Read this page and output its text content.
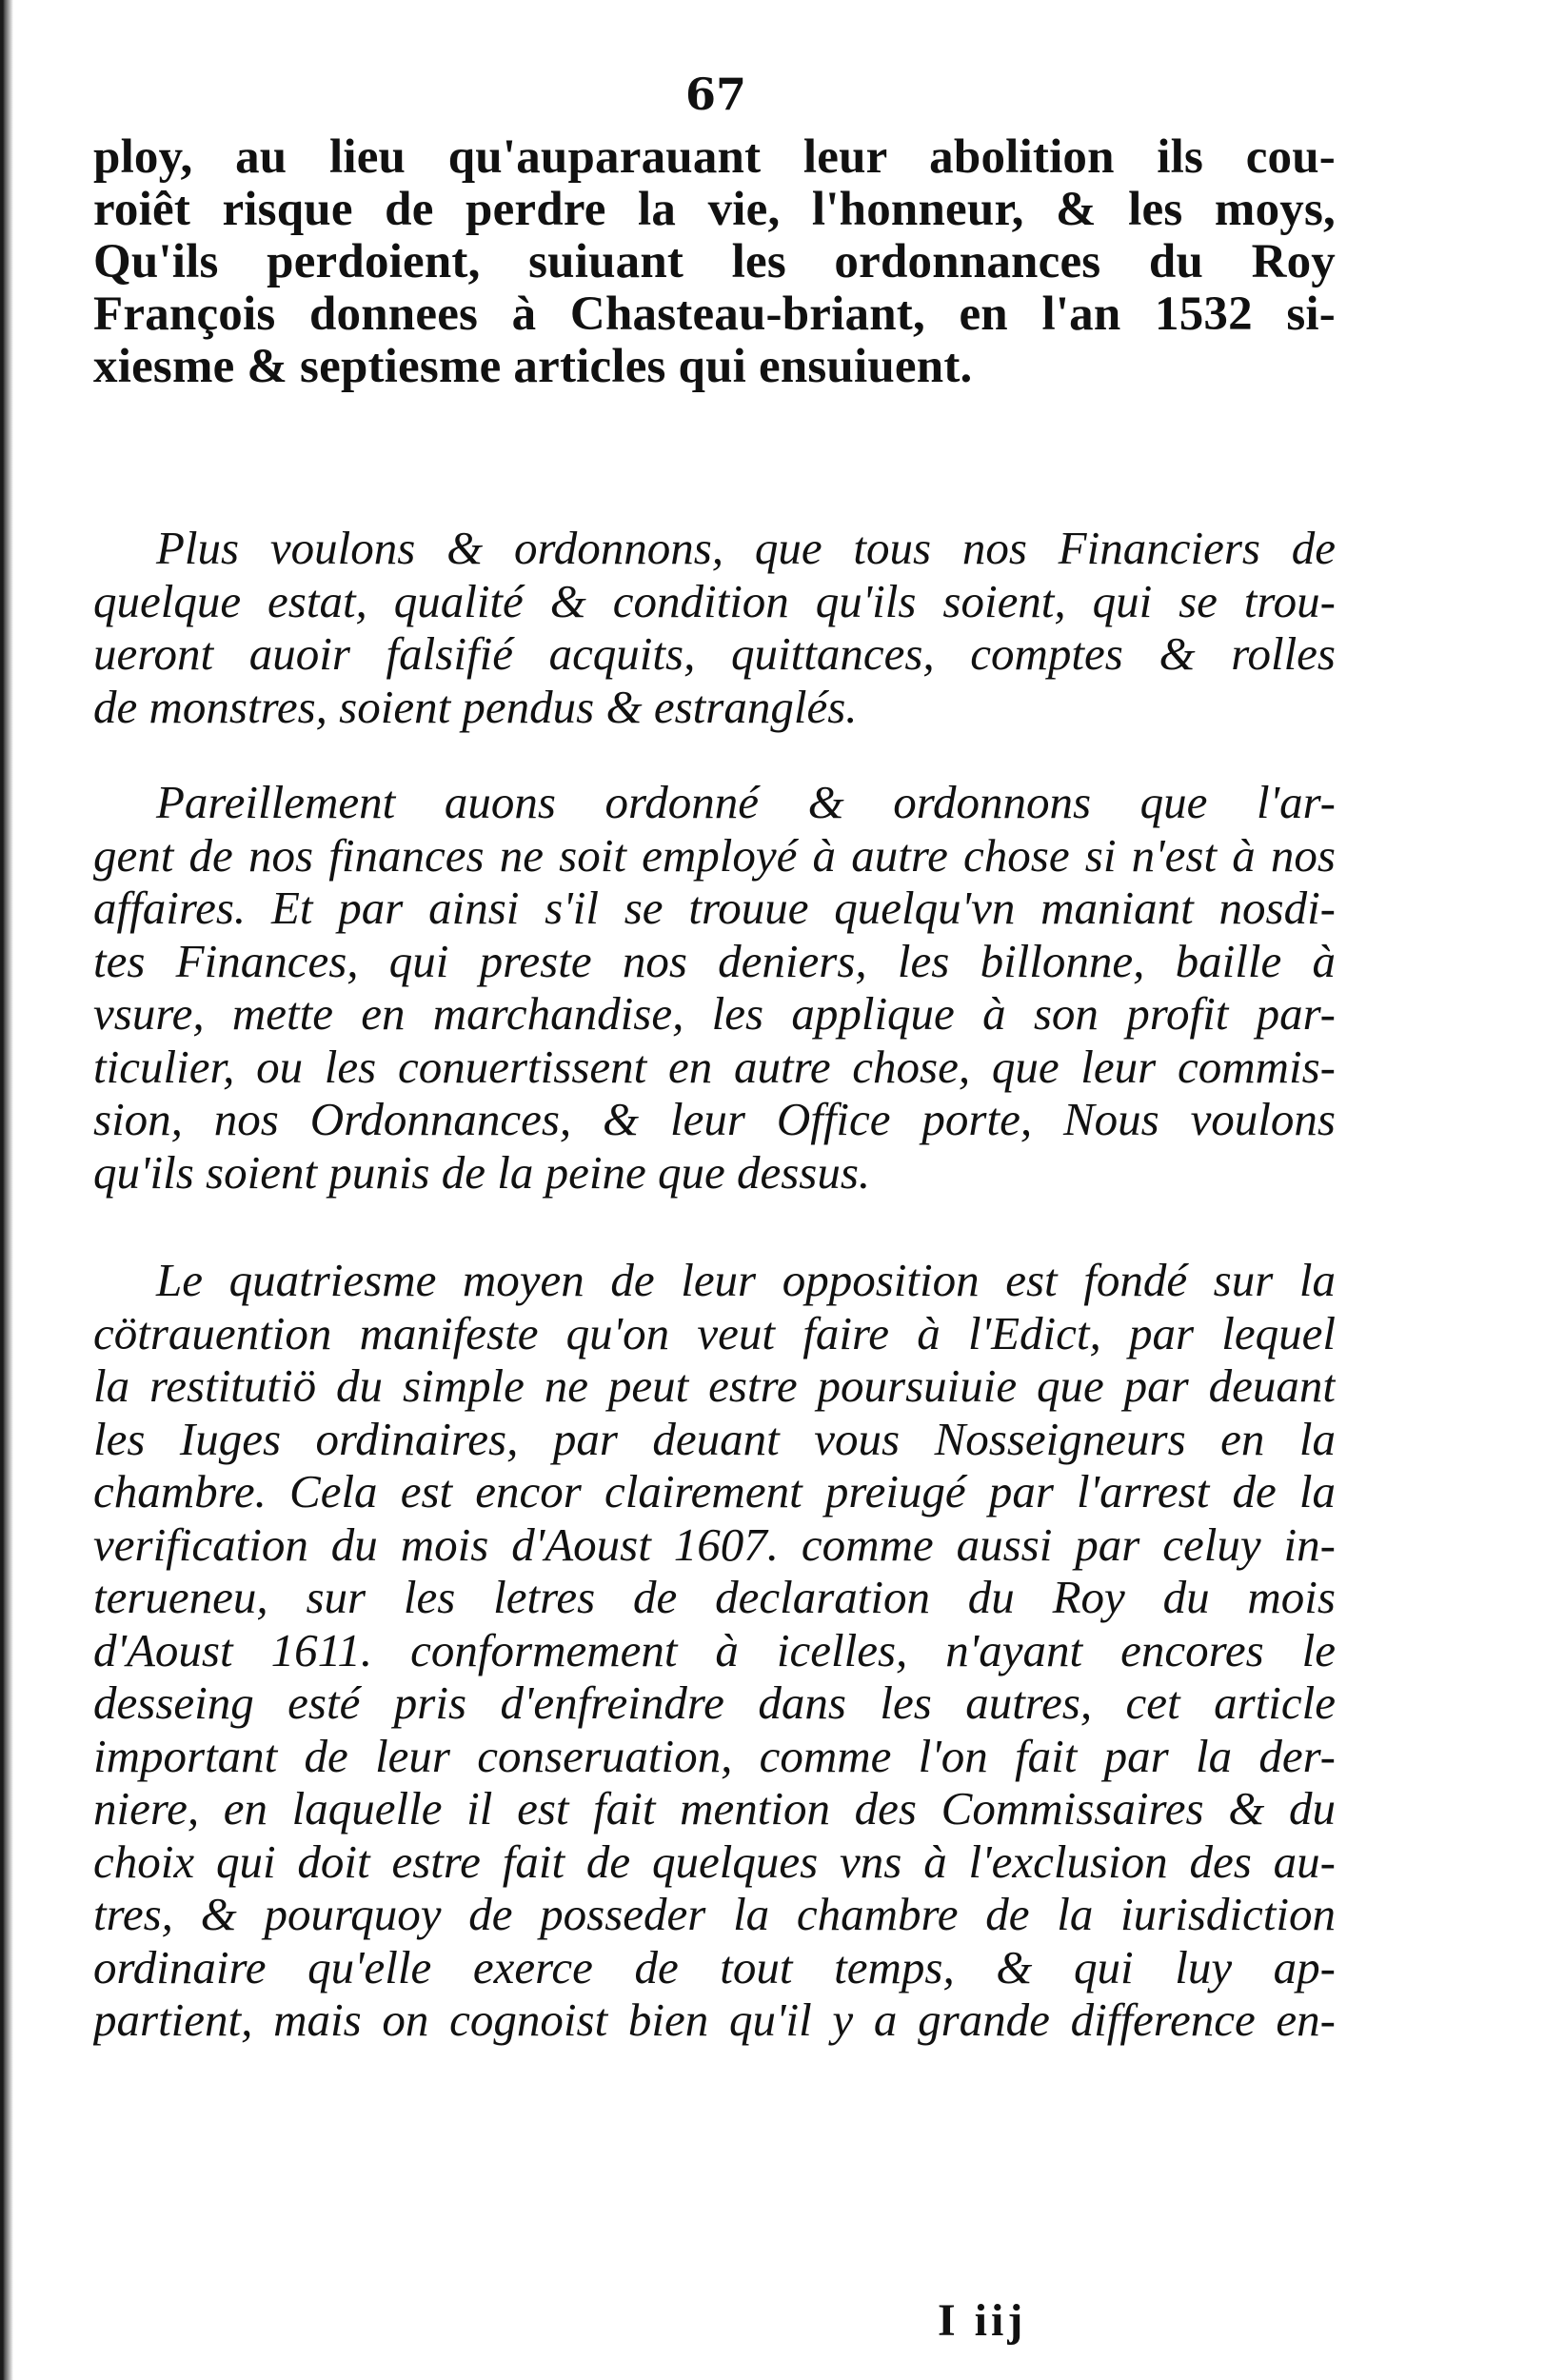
67
ploy, au lieu qu'auparauant leur abolition ils cou-
roiêt risque de perdre la vie, l'honneur, & les moys,
Qu'ils perdoient, suiuant les ordonnances du Roy
François donnees à Chasteau-briant, en l'an 1532 si-
xiesme & septiesme articles qui ensuiuent.
Plus voulons & ordonnons, que tous nos Financiers de
quelque estat, qualité & condition qu'ils soient, qui se trou-
ueront auoir falsifié acquits, quittances, comptes & rolles
de monstres, soient pendus & estranglés.
Pareillement auons ordonné & ordonnons que l'ar-
gent de nos finances ne soit employé à autre chose si n'est à nos
affaires. Et par ainsi s'il se trouue quelqu'vn maniant nosdi-
tes Finances, qui preste nos deniers, les billonne, baille à
vsure, mette en marchandise, les applique à son profit par-
ticulier, ou les conuertissent en autre chose, que leur commis-
sion, nos Ordonnances, & leur Office porte, Nous voulons
qu'ils soient punis de la peine que dessus.
Le quatriesme moyen de leur opposition est fondé sur la
cötrauention manifeste qu'on veut faire à l'Edict, par lequel
la restitutiö du simple ne peut estre poursuiuie que par deuant
les Iuges ordinaires, par deuant vous Nosseigneurs en la
chambre. Cela est encor clairement preiugé par l'arrest de la
verification du mois d'Aoust 1607. comme aussi par celuy in-
terueneu, sur les letres de declaration du Roy du mois
d'Aoust 1611. conformement à icelles, n'ayant encores le
desseing esté pris d'enfreindre dans les autres, cet article
important de leur conseruation, comme l'on fait par la der-
niere, en laquelle il est fait mention des Commissaires & du
choix qui doit estre fait de quelques vns à l'exclusion des au-
tres, & pourquoy de posseder la chambre de la iurisdiction
ordinaire qu'elle exerce de tout temps, & qui luy ap-
partient, mais on cognoist bien qu'il y a grande difference en-
I iij
